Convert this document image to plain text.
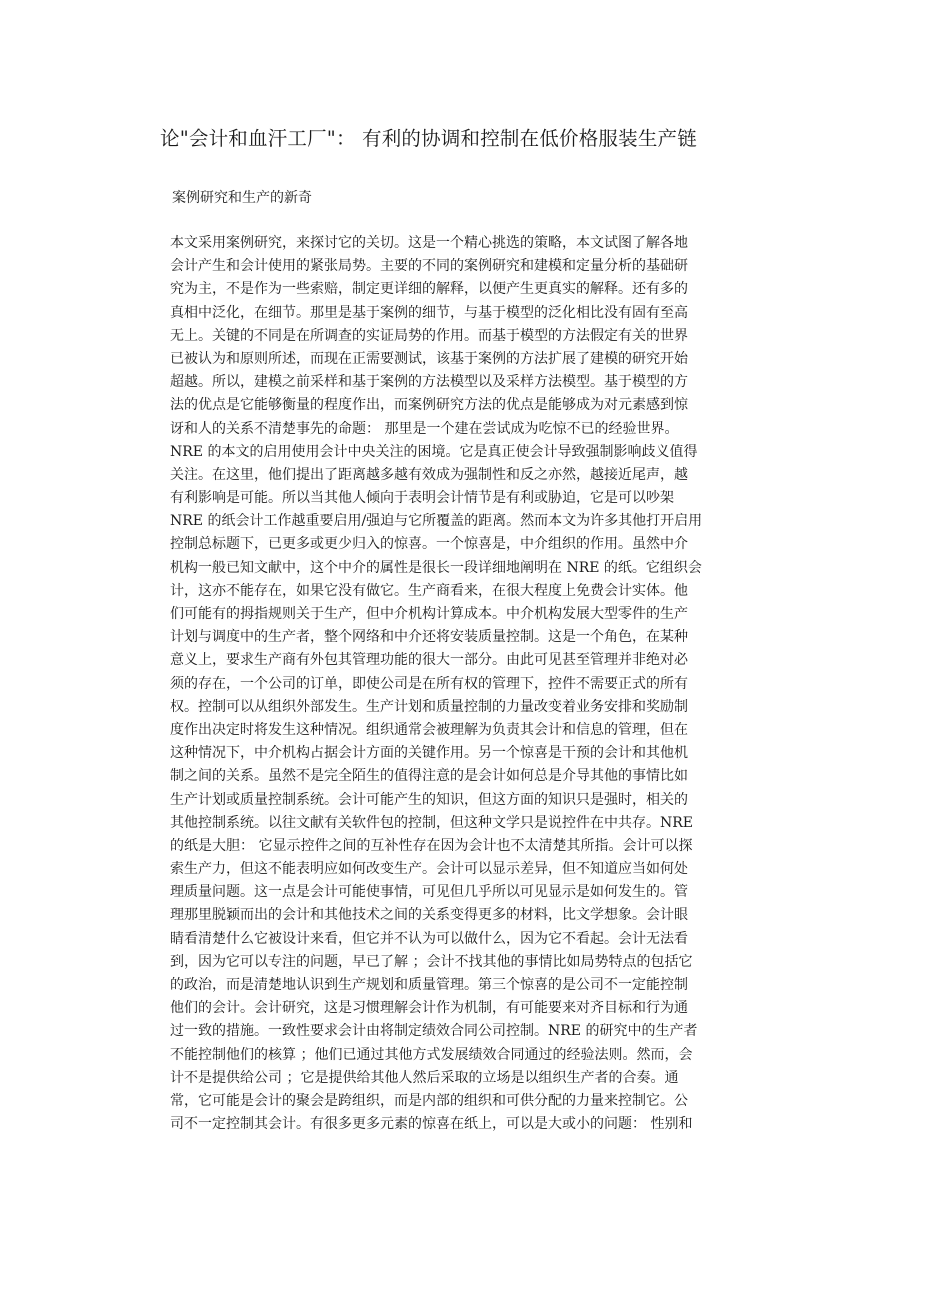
论"会计和血汗工厂"： 有利的协调和控制在低价格服装生产链
案例研究和生产的新奇
本文采用案例研究，来探讨它的关切。这是一个精心挑选的策略，本文试图了解各地
会计产生和会计使用的紧张局势。主要的不同的案例研究和建模和定量分析的基础研
究为主，不是作为一些索赔，制定更详细的解释，以便产生更真实的解释。还有多的
真相中泛化，在细节。那里是基于案例的细节，与基于模型的泛化相比没有固有至高
无上。关键的不同是在所调查的实证局势的作用。而基于模型的方法假定有关的世界
已被认为和原则所述，而现在正需要测试，该基于案例的方法扩展了建模的研究开始
超越。所以，建模之前采样和基于案例的方法模型以及采样方法模型。基于模型的方
法的优点是它能够衡量的程度作出，而案例研究方法的优点是能够成为对元素感到惊
讶和人的关系不清楚事先的命题： 那里是一个建在尝试成为吃惊不已的经验世界。
NRE 的本文的启用使用会计中央关注的困境。它是真正使会计导致强制影响歧义值得
关注。在这里，他们提出了距离越多越有效成为强制性和反之亦然，越接近尾声，越
有利影响是可能。所以当其他人倾向于表明会计情节是有利或胁迫，它是可以吵架
NRE 的纸会计工作越重要启用/强迫与它所覆盖的距离。然而本文为许多其他打开启用
控制总标题下，已更多或更少归入的惊喜。一个惊喜是，中介组织的作用。虽然中介
机构一般已知文献中，这个中介的属性是很长一段详细地阐明在 NRE 的纸。它组织会
计，这亦不能存在，如果它没有做它。生产商看来，在很大程度上免费会计实体。他
们可能有的拇指规则关于生产，但中介机构计算成本。中介机构发展大型零件的生产
计划与调度中的生产者，整个网络和中介还将安装质量控制。这是一个角色，在某种
意义上，要求生产商有外包其管理功能的很大一部分。由此可见甚至管理并非绝对必
须的存在，一个公司的订单，即使公司是在所有权的管理下，控件不需要正式的所有
权。控制可以从组织外部发生。生产计划和质量控制的力量改变着业务安排和奖励制
度作出决定时将发生这种情况。组织通常会被理解为负责其会计和信息的管理，但在
这种情况下，中介机构占据会计方面的关键作用。另一个惊喜是干预的会计和其他机
制之间的关系。虽然不是完全陌生的值得注意的是会计如何总是介导其他的事情比如
生产计划或质量控制系统。会计可能产生的知识，但这方面的知识只是强时，相关的
其他控制系统。以往文献有关软件包的控制，但这种文学只是说控件在中共存。NRE
的纸是大胆： 它显示控件之间的互补性存在因为会计也不太清楚其所指。会计可以探
索生产力，但这不能表明应如何改变生产。会计可以显示差异，但不知道应当如何处
理质量问题。这一点是会计可能使事情，可见但几乎所以可见显示是如何发生的。管
理那里脱颖而出的会计和其他技术之间的关系变得更多的材料，比文学想象。会计眼
睛看清楚什么它被设计来看，但它并不认为可以做什么，因为它不看起。会计无法看
到，因为它可以专注的问题，早已了解 ；会计不找其他的事情比如局势特点的包括它
的政治，而是清楚地认识到生产规划和质量管理。第三个惊喜的是公司不一定能控制
他们的会计。会计研究，这是习惯理解会计作为机制，有可能要来对齐目标和行为通
过一致的措施。一致性要求会计由将制定绩效合同公司控制。NRE 的研究中的生产者
不能控制他们的核算 ；他们已通过其他方式发展绩效合同通过的经验法则。然而，会
计不是提供给公司 ；它是提供给其他人然后采取的立场是以组织生产者的合奏。通
常，它可能是会计的聚会是跨组织，而是内部的组织和可供分配的力量来控制它。公
司不一定控制其会计。有很多更多元素的惊喜在纸上，可以是大或小的问题： 性别和
